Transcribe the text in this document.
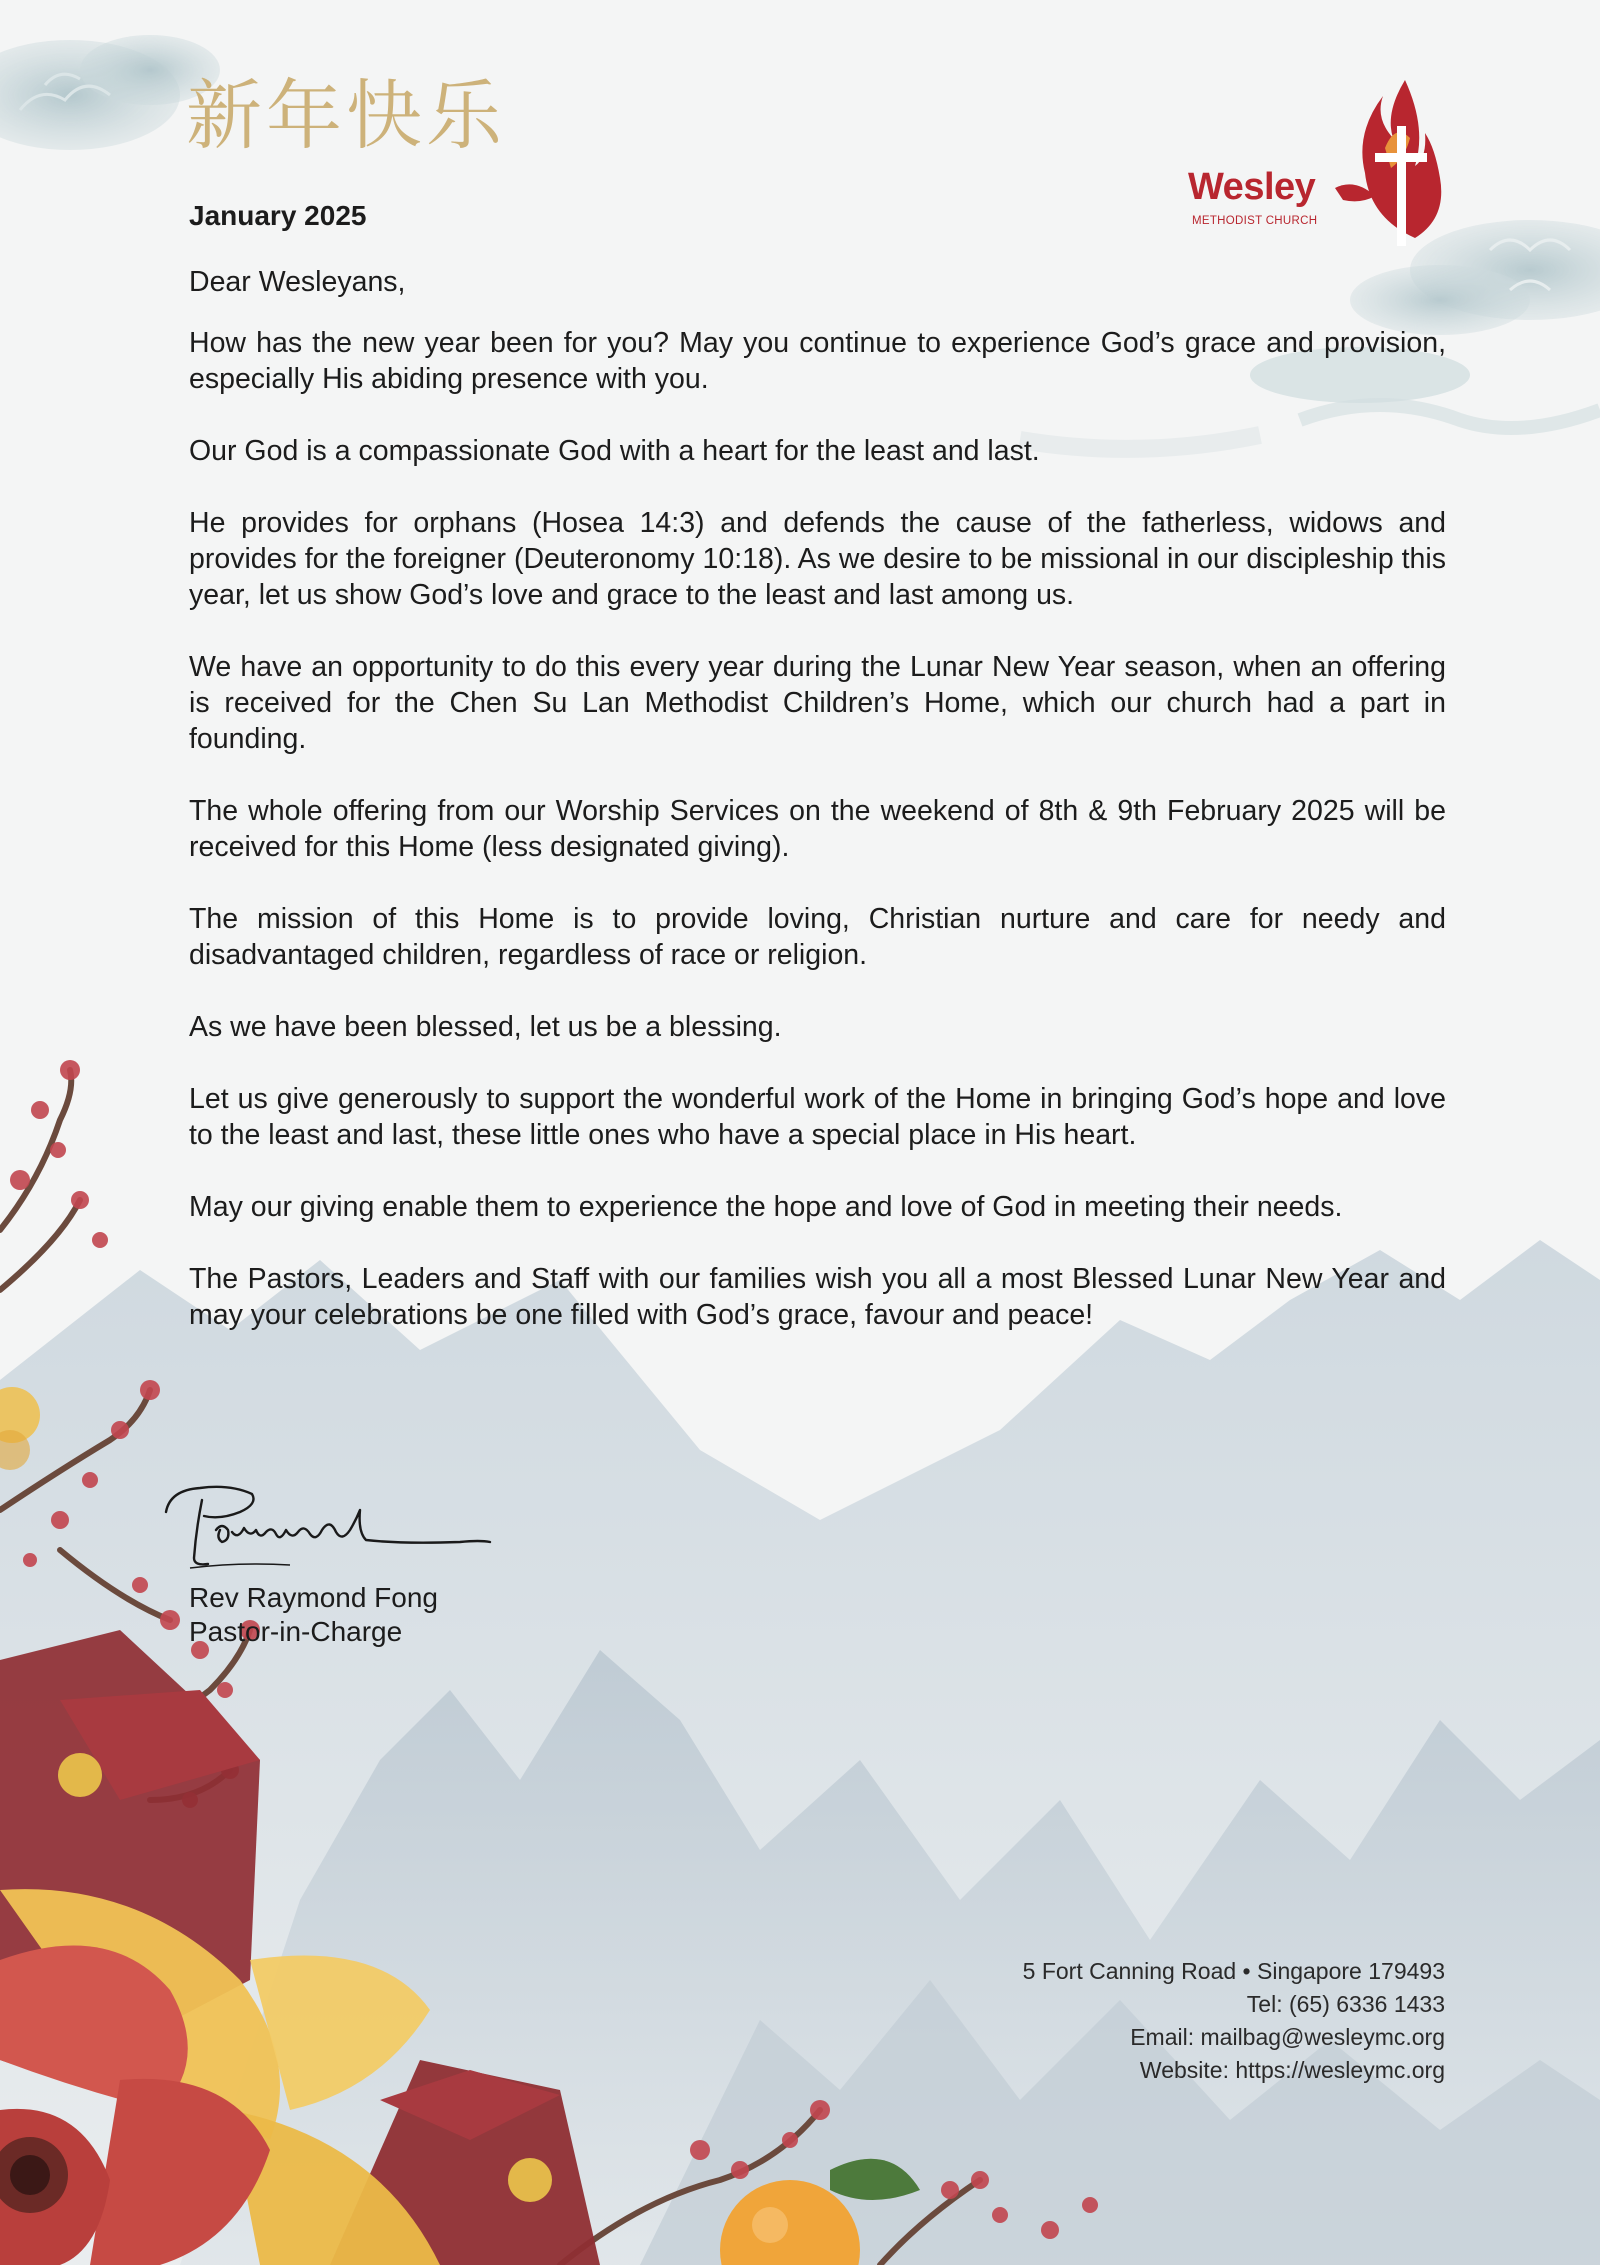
新年快乐
Wesley
METHODIST CHURCH
January 2025

Dear Wesleyans,

How has the new year been for you? May you continue to experience God’s grace and provision, especially His abiding presence with you.

Our God is a compassionate God with a heart for the least and last.

He provides for orphans (Hosea 14:3) and defends the cause of the fatherless, widows and provides for the foreigner (Deuteronomy 10:18). As we desire to be missional in our discipleship this year, let us show God’s love and grace to the least and last among us.

We have an opportunity to do this every year during the Lunar New Year season, when an offering is received for the Chen Su Lan Methodist Children’s Home, which our church had a part in founding.

The whole offering from our Worship Services on the weekend of 8th & 9th February 2025 will be received for this Home (less designated giving).

The mission of this Home is to provide loving, Christian nurture and care for needy and disadvantaged children, regardless of race or religion.

As we have been blessed, let us be a blessing.

Let us give generously to support the wonderful work of the Home in bringing God’s hope and love to the least and last, these little ones who have a special place in His heart.

May our giving enable them to experience the hope and love of God in meeting their needs.

The Pastors, Leaders and Staff with our families wish you all a most Blessed Lunar New Year and may your celebrations be one filled with God’s grace, favour and peace!

Rev Raymond Fong
Pastor-in-Charge
5 Fort Canning Road • Singapore 179493
Tel: (65) 6336 1433
Email: mailbag@wesleymc.org
Website: https://wesleymc.org
